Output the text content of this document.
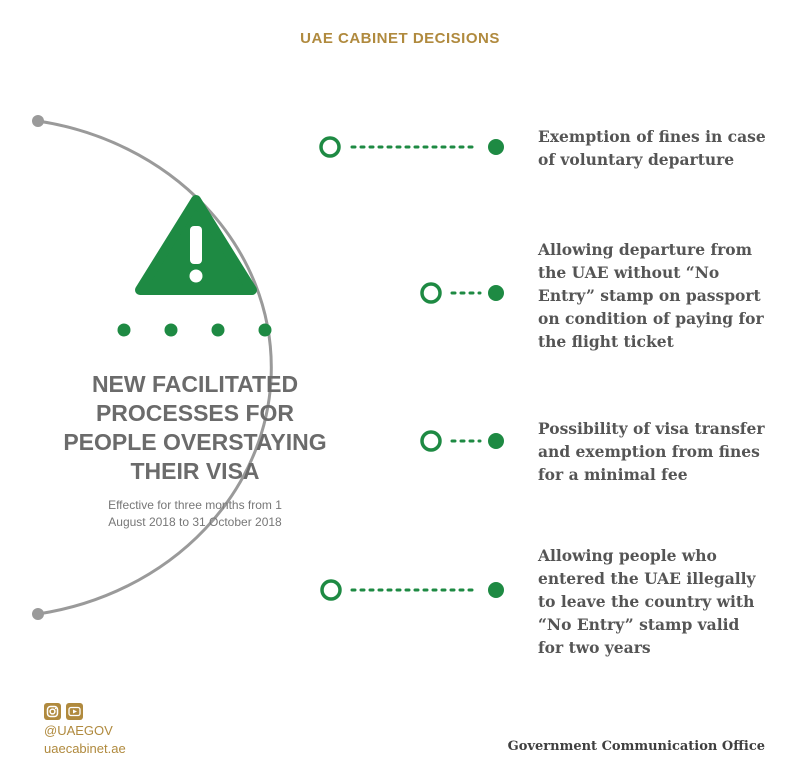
UAE CABINET DECISIONS
Exemption of fines in case
of voluntary departure
Allowing departure from
the UAE without “No
Entry” stamp on passport
on condition of paying for
the flight ticket
Possibility of visa transfer
and exemption from fines
for a minimal fee
Allowing people who
entered the UAE illegally
to leave the country with
“No Entry” stamp valid
for two years
NEW FACILITATED
PROCESSES FOR
PEOPLE OVERSTAYING
THEIR VISA
Effective for three months from 1
August 2018 to 31 October 2018
@UAEGOV
uaecabinet.ae	Government Communication Office
